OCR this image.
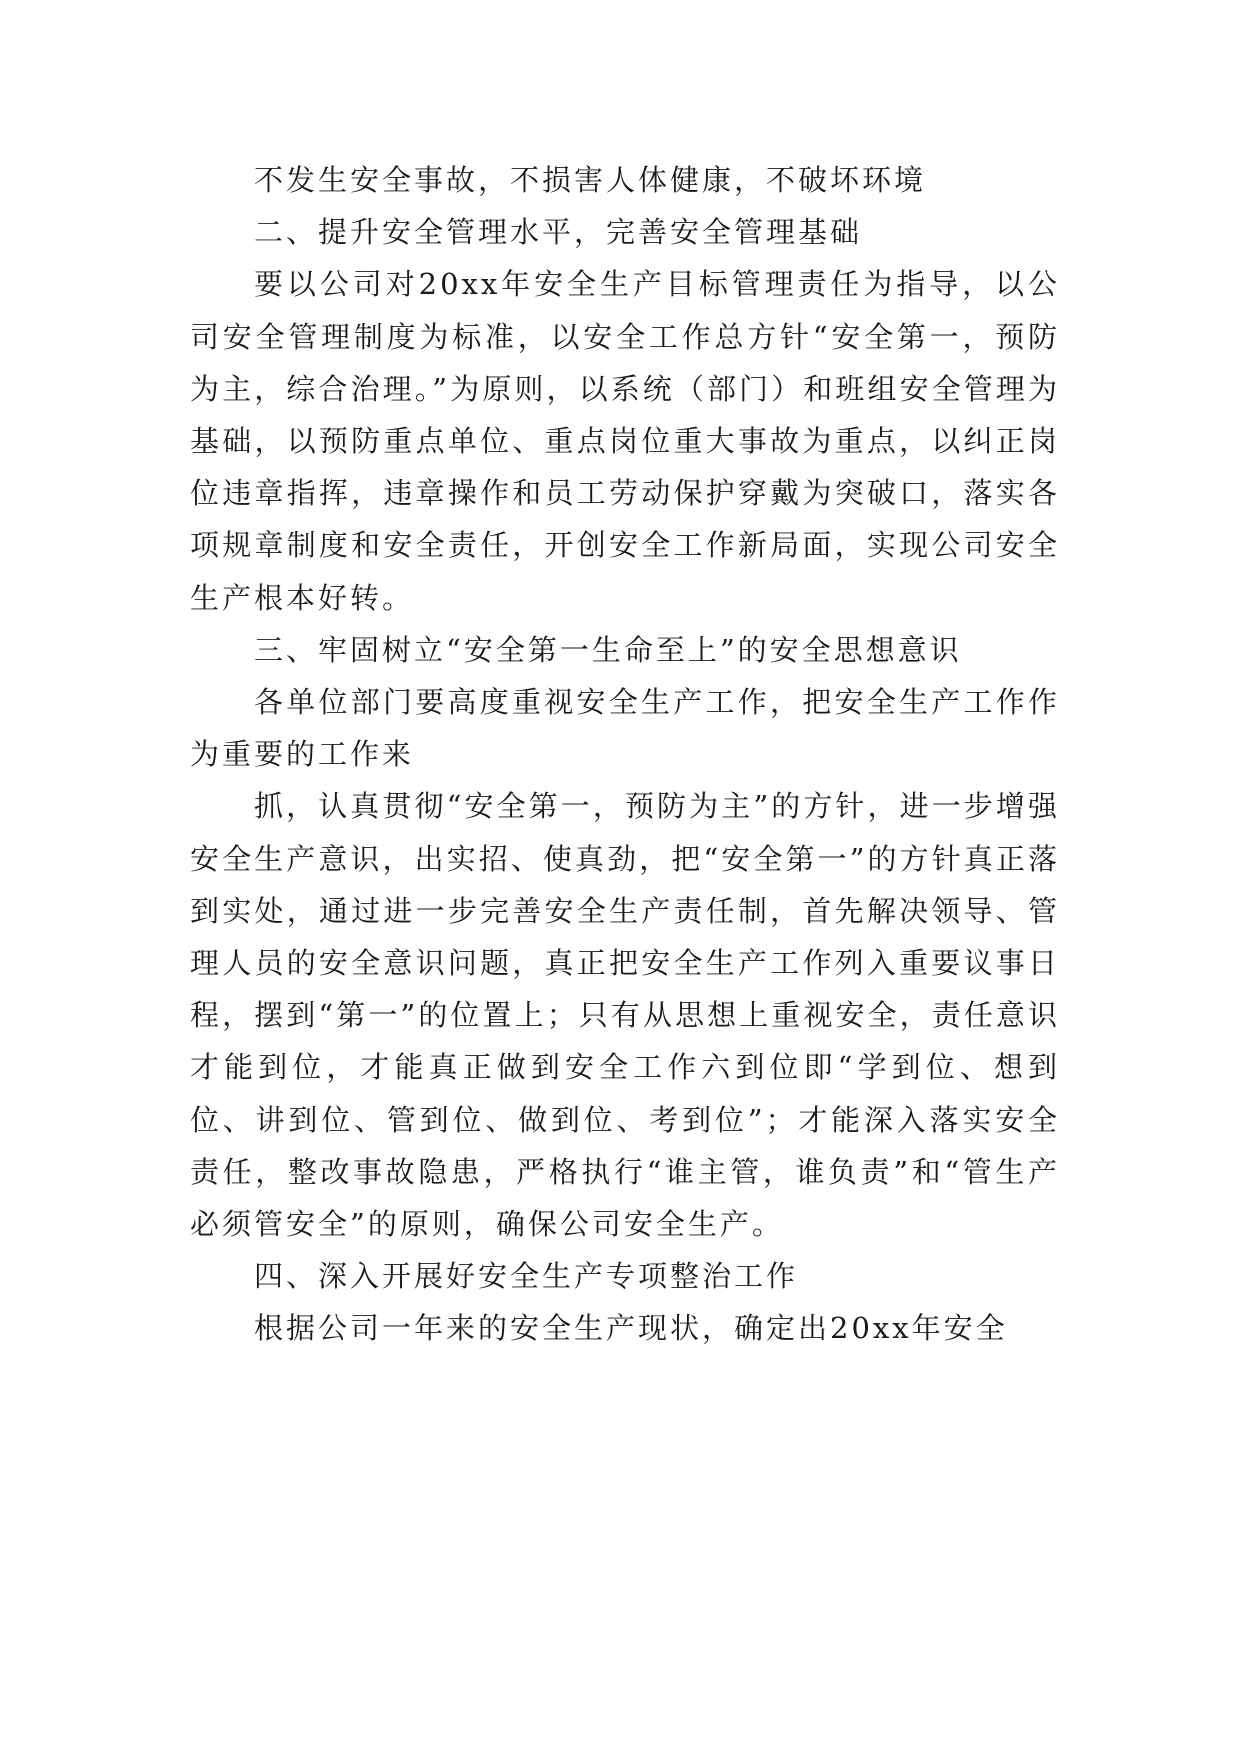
不发生安全事故，不损害人体健康，不破坏环境

二、提升安全管理水平，完善安全管理基础

要以公司对20xx年安全生产目标管理责任为指导，以公司安全管理制度为标准，以安全工作总方针“安全第一，预防为主，综合治理。”为原则，以系统（部门）和班组安全管理为基础，以预防重点单位、重点岗位重大事故为重点，以纠正岗位违章指挥，违章操作和员工劳动保护穿戴为突破口，落实各项规章制度和安全责任，开创安全工作新局面，实现公司安全生产根本好转。

三、牢固树立“安全第一生命至上”的安全思想意识

各单位部门要高度重视安全生产工作，把安全生产工作作为重要的工作来

抓，认真贯彻“安全第一，预防为主”的方针，进一步增强安全生产意识，出实招、使真劲，把“安全第一”的方针真正落到实处，通过进一步完善安全生产责任制，首先解决领导、管理人员的安全意识问题，真正把安全生产工作列入重要议事日程，摆到“第一”的位置上；只有从思想上重视安全，责任意识才能到位，才能真正做到安全工作六到位即“学到位、想到位、讲到位、管到位、做到位、考到位”；才能深入落实安全责任，整改事故隐患，严格执行“谁主管，谁负责”和“管生产必须管安全”的原则，确保公司安全生产。

四、深入开展好安全生产专项整治工作

根据公司一年来的安全生产现状，确定出20xx年安全
